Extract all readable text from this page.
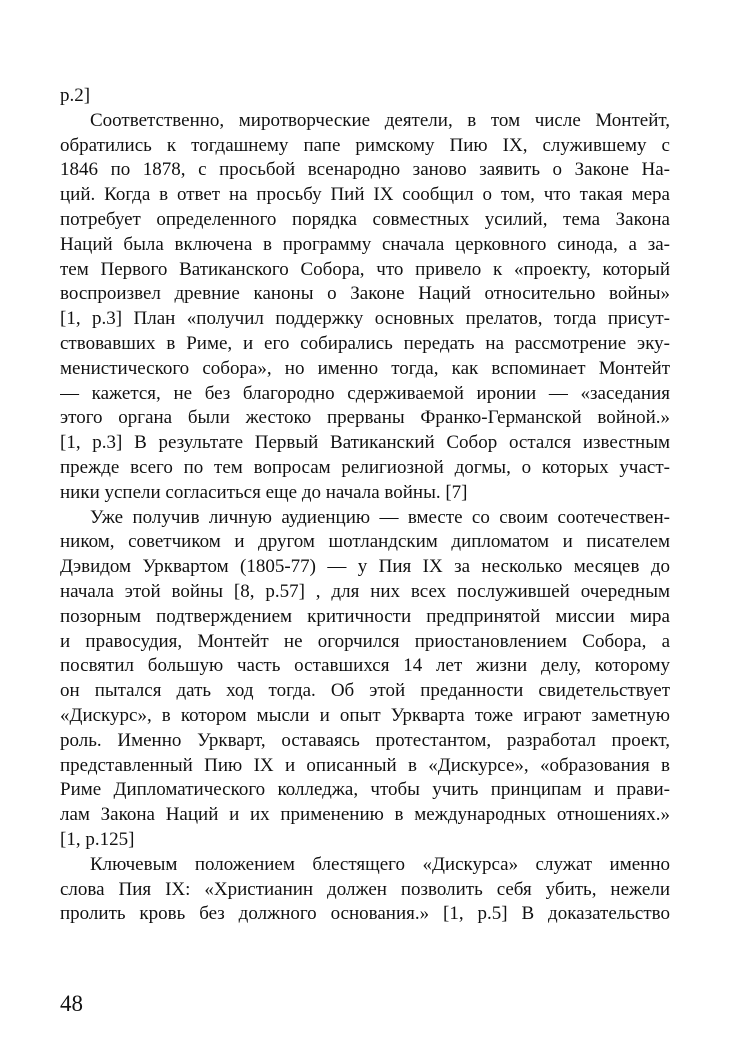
р.2]
Соответственно, миротворческие деятели, в том числе Монтейт,
обратились к тогдашнему папе римскому Пию IX, служившему с
1846 по 1878, с просьбой всенародно заново заявить о Законе На-
ций. Когда в ответ на просьбу Пий IX сообщил о том, что такая мера
потребует определенного порядка совместных усилий, тема Закона
Наций была включена в программу сначала церковного синода, а за-
тем Первого Ватиканского Собора, что привело к «проекту, который
воспроизвел древние каноны о Законе Наций относительно войны»
[1, р.3] План «получил поддержку основных прелатов, тогда присут-
ствовавших в Риме, и его собирались передать на рассмотрение эку-
менистического собора», но именно тогда, как вспоминает Монтейт
— кажется, не без благородно сдерживаемой иронии — «заседания
этого органа были жестоко прерваны Франко-Германской войной.»
[1, р.3] В результате Первый Ватиканский Собор остался известным
прежде всего по тем вопросам религиозной догмы, о которых участ-
ники успели согласиться еще до начала войны. [7]
Уже получив личную аудиенцию — вместе со своим соотечествен-
ником, советчиком и другом шотландским дипломатом и писателем
Дэвидом Урквартом (1805-77) — у Пия IX за несколько месяцев до
начала этой войны [8, р.57] , для них всех послужившей очередным
позорным подтверждением критичности предпринятой миссии мира
и правосудия, Монтейт не огорчился приостановлением Собора, а
посвятил большую часть оставшихся 14 лет жизни делу, которому
он пытался дать ход тогда. Об этой преданности свидетельствует
«Дискурс», в котором мысли и опыт Уркварта тоже играют заметную
роль. Именно Уркварт, оставаясь протестантом, разработал проект,
представленный Пию IX и описанный в «Дискурсе», «образования в
Риме Дипломатического колледжа, чтобы учить принципам и прави-
лам Закона Наций и их применению в международных отношениях.»
[1, р.125]
Ключевым положением блестящего «Дискурса» служат именно
слова Пия IX: «Христианин должен позволить себя убить, нежели
пролить кровь без должного основания.» [1, р.5] В доказательство
48
